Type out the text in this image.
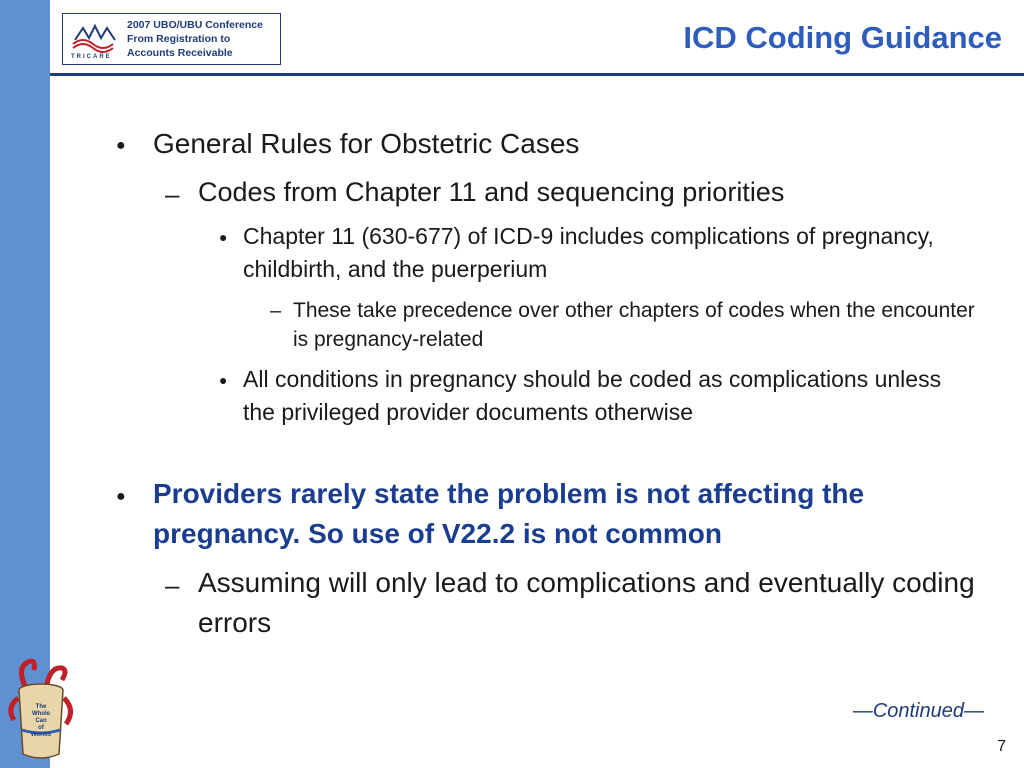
TRICARE
2007 UBO/UBU Conference
From Registration to
Accounts Receivable	ICD Coding Guidance
● General Rules for Obstetric Cases
– Codes from Chapter 11 and sequencing priorities
● Chapter 11 (630-677) of ICD-9 includes complications of pregnancy, childbirth, and the puerperium
– These take precedence over other chapters of codes when the encounter is pregnancy-related
● All conditions in pregnancy should be coded as complications unless the privileged provider documents otherwise
● Providers rarely state the problem is not affecting the pregnancy. So use of V22.2 is not common
– Assuming will only lead to complications and eventually coding errors
The
Whole
Can
of
Worms
—Continued—
7
